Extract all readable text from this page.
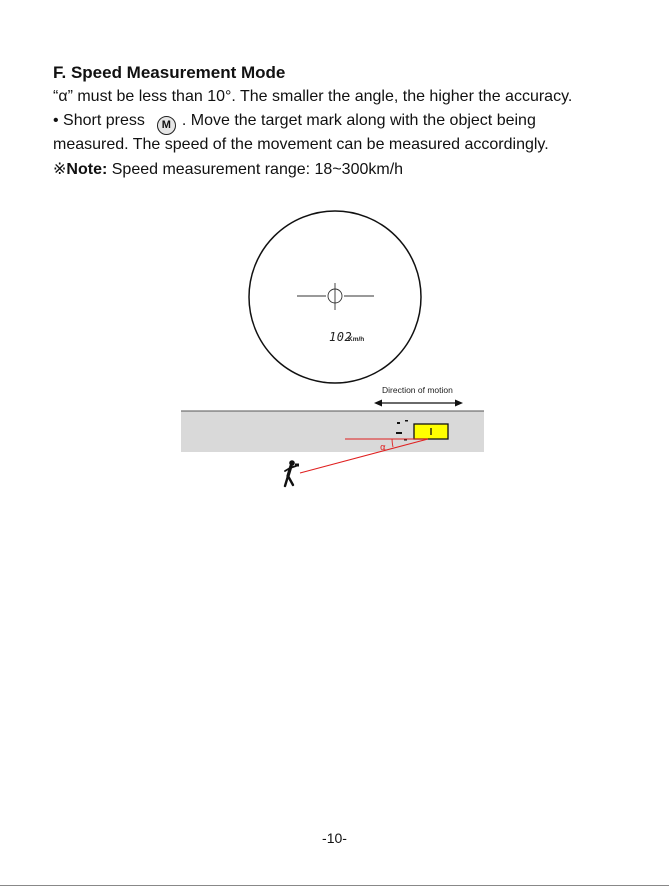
F. Speed Measurement Mode
“α” must be less than 10°. The smaller the angle, the higher the accuracy.
• Short press M . Move the target mark along with the object being
measured. The speed of the movement can be measured accordingly.
※Note: Speed measurement range: 18~300km/h
102
Km/h
Direction of motion
α
-10-
